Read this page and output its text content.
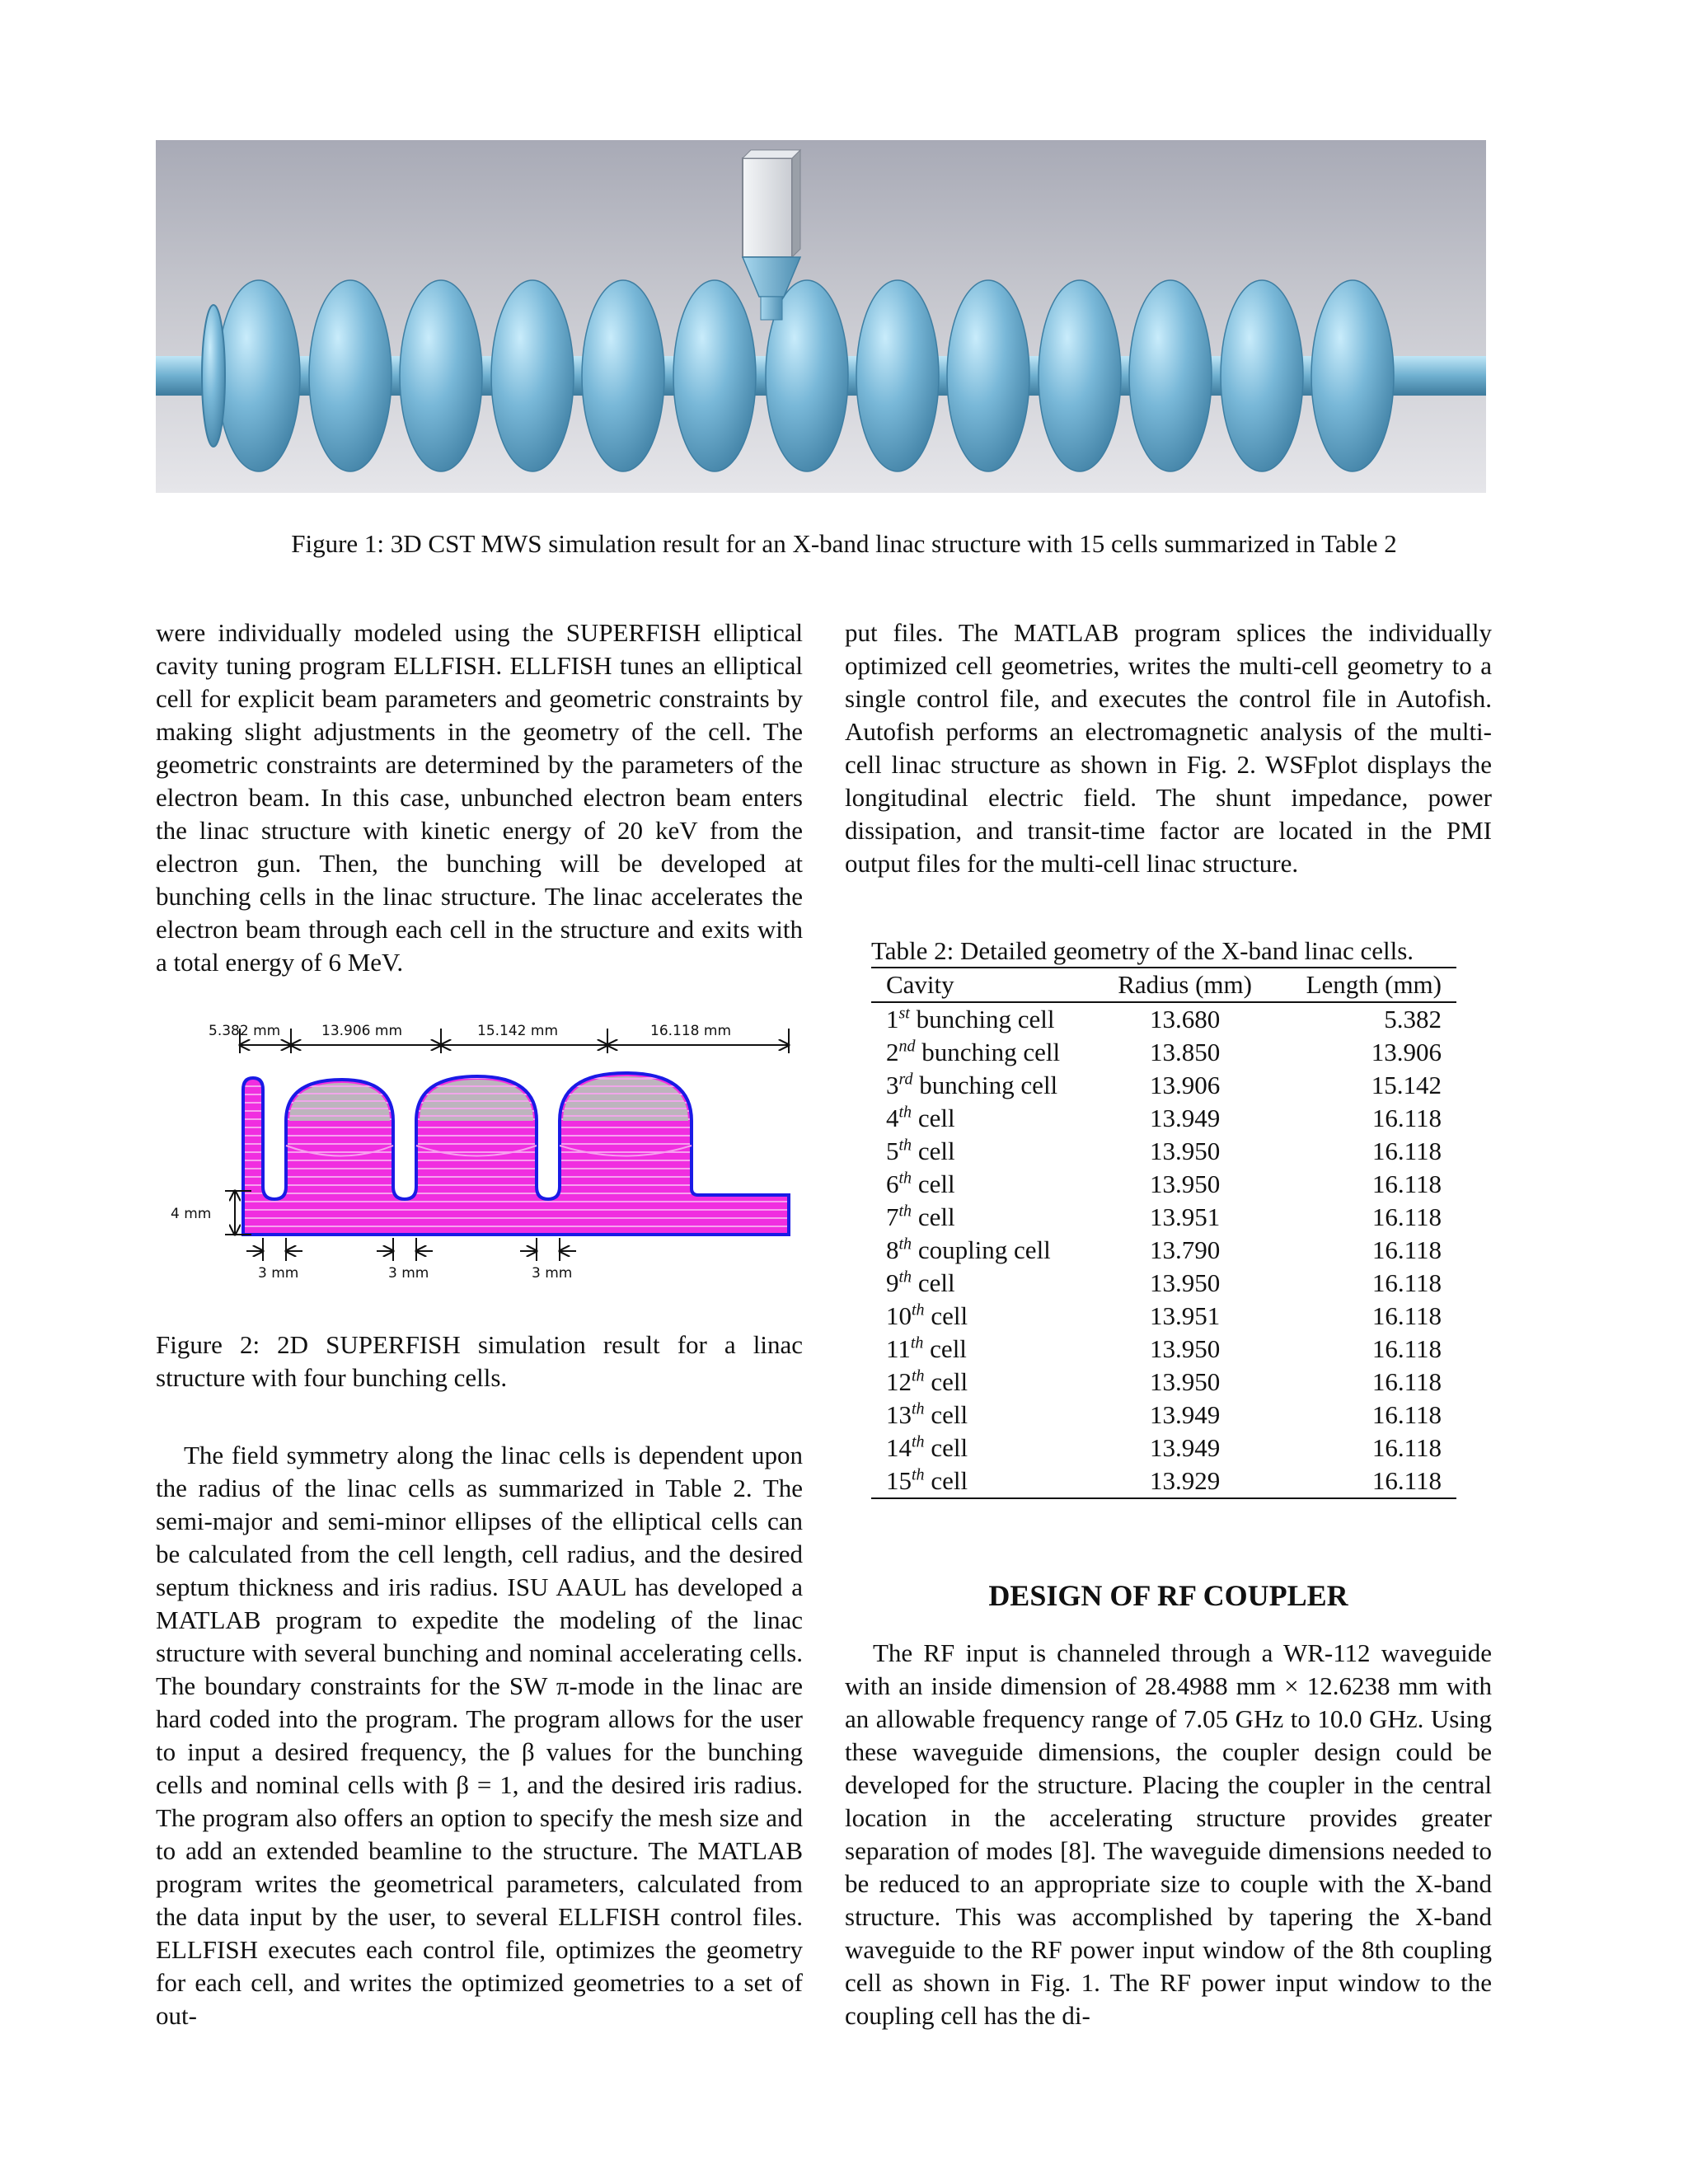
Figure 1: 3D CST MWS simulation result for an X-band linac structure with 15 cells summarized in Table 2

were individually modeled using the SUPERFISH elliptical cavity tuning program ELLFISH. ELLFISH tunes an elliptical cell for explicit beam parameters and geometric constraints by making slight adjustments in the geometry of the cell. The geometric constraints are determined by the parameters of the electron beam. In this case, unbunched electron beam enters the linac structure with kinetic energy of 20 keV from the electron gun. Then, the bunching will be developed at bunching cells in the linac structure. The linac accelerates the electron beam through each cell in the structure and exits with a total energy of 6 MeV.

5.382 mm	13.906 mm	15.142 mm	16.118 mm
4 mm
3 mm	3 mm	3 mm
Figure 2: 2D SUPERFISH simulation result for a linac structure with four bunching cells.

The field symmetry along the linac cells is dependent upon the radius of the linac cells as summarized in Table 2. The semi-major and semi-minor ellipses of the elliptical cells can be calculated from the cell length, cell radius, and the desired septum thickness and iris radius. ISU AAUL has developed a MATLAB program to expedite the modeling of the linac structure with several bunching and nominal accelerating cells. The boundary constraints for the SW π-mode in the linac are hard coded into the program. The program allows for the user to input a desired frequency, the β values for the bunching cells and nominal cells with β = 1, and the desired iris radius. The program also offers an option to specify the mesh size and to add an extended beamline to the structure. The MATLAB program writes the geometrical parameters, calculated from the data input by the user, to several ELLFISH control files. ELLFISH executes each control file, optimizes the geometry for each cell, and writes the optimized geometries to a set of out-

put files. The MATLAB program splices the individually optimized cell geometries, writes the multi-cell geometry to a single control file, and executes the control file in Autofish. Autofish performs an electromagnetic analysis of the multi-cell linac structure as shown in Fig. 2. WSFplot displays the longitudinal electric field. The shunt impedance, power dissipation, and transit-time factor are located in the PMI output files for the multi-cell linac structure.

Table 2: Detailed geometry of the X-band linac cells.
Cavity	Radius (mm)	Length (mm)
1st bunching cell	13.680	5.382
2nd bunching cell	13.850	13.906
3rd bunching cell	13.906	15.142
4th cell	13.949	16.118
5th cell	13.950	16.118
6th cell	13.950	16.118
7th cell	13.951	16.118
8th coupling cell	13.790	16.118
9th cell	13.950	16.118
10th cell	13.951	16.118
11th cell	13.950	16.118
12th cell	13.950	16.118
13th cell	13.949	16.118
14th cell	13.949	16.118
15th cell	13.929	16.118
DESIGN OF RF COUPLER

The RF input is channeled through a WR-112 waveguide with an inside dimension of 28.4988 mm × 12.6238 mm with an allowable frequency range of 7.05 GHz to 10.0 GHz. Using these waveguide dimensions, the coupler design could be developed for the structure. Placing the coupler in the central location in the accelerating structure provides greater separation of modes [8]. The waveguide dimensions needed to be reduced to an appropriate size to couple with the X-band structure. This was accomplished by tapering the X-band waveguide to the RF power input window of the 8th coupling cell as shown in Fig. 1. The RF power input window to the coupling cell has the di-
